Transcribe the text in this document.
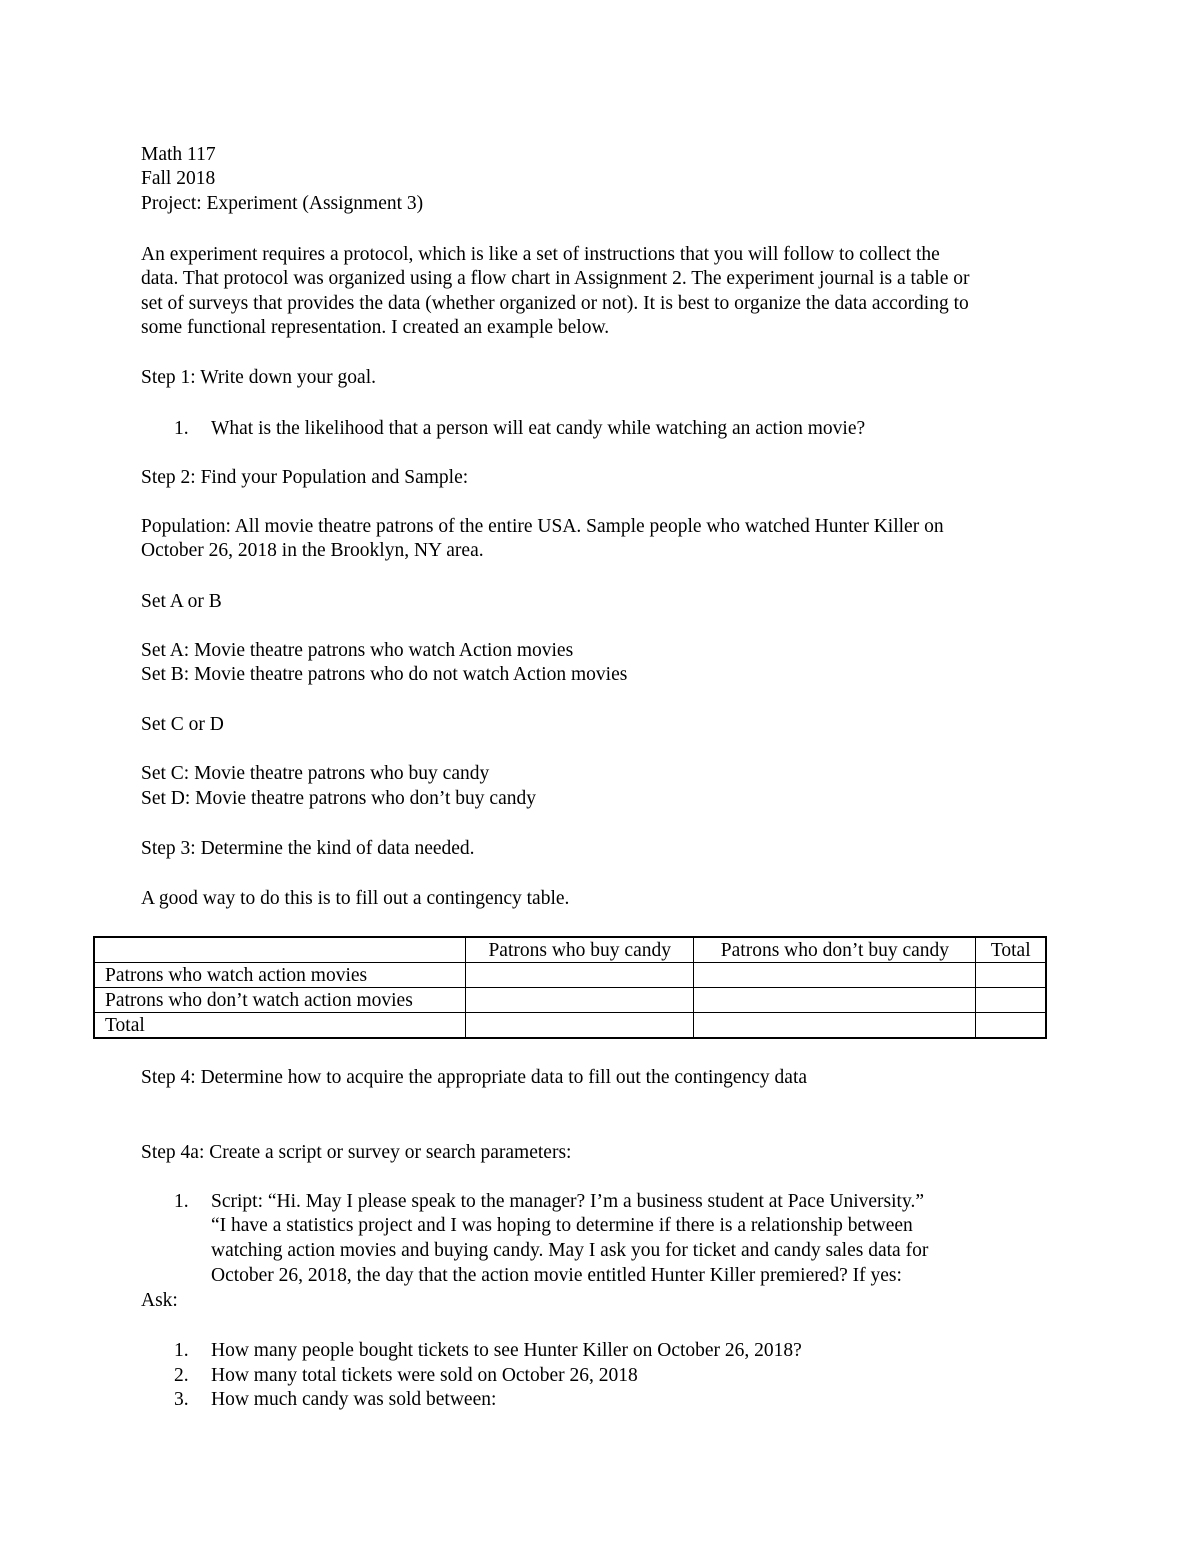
Math 117
Fall 2018
Project: Experiment (Assignment 3)
An experiment requires a protocol, which is like a set of instructions that you will follow to collect the
data. That protocol was organized using a flow chart in Assignment 2. The experiment journal is a table or
set of surveys that provides the data (whether organized or not). It is best to organize the data according to
some functional representation. I created an example below.
Step 1: Write down your goal.
1. What is the likelihood that a person will eat candy while watching an action movie?
Step 2: Find your Population and Sample:
Population: All movie theatre patrons of the entire USA. Sample people who watched Hunter Killer on
October 26, 2018 in the Brooklyn, NY area.
Set A or B
Set A: Movie theatre patrons who watch Action movies
Set B: Movie theatre patrons who do not watch Action movies
Set C or D
Set C: Movie theatre patrons who buy candy
Set D: Movie theatre patrons who don’t buy candy
Step 3: Determine the kind of data needed.
A good way to do this is to fill out a contingency table.
	Patrons who buy candy	Patrons who don’t buy candy	Total
Patrons who watch action movies			
Patrons who don’t watch action movies			
Total			
Step 4: Determine how to acquire the appropriate data to fill out the contingency data
Step 4a: Create a script or survey or search parameters:
1. Script: “Hi. May I please speak to the manager? I’m a business student at Pace University.”
“I have a statistics project and I was hoping to determine if there is a relationship between
watching action movies and buying candy. May I ask you for ticket and candy sales data for
October 26, 2018, the day that the action movie entitled Hunter Killer premiered? If yes:
Ask:
1. How many people bought tickets to see Hunter Killer on October 26, 2018?
2. How many total tickets were sold on October 26, 2018
3. How much candy was sold between:
